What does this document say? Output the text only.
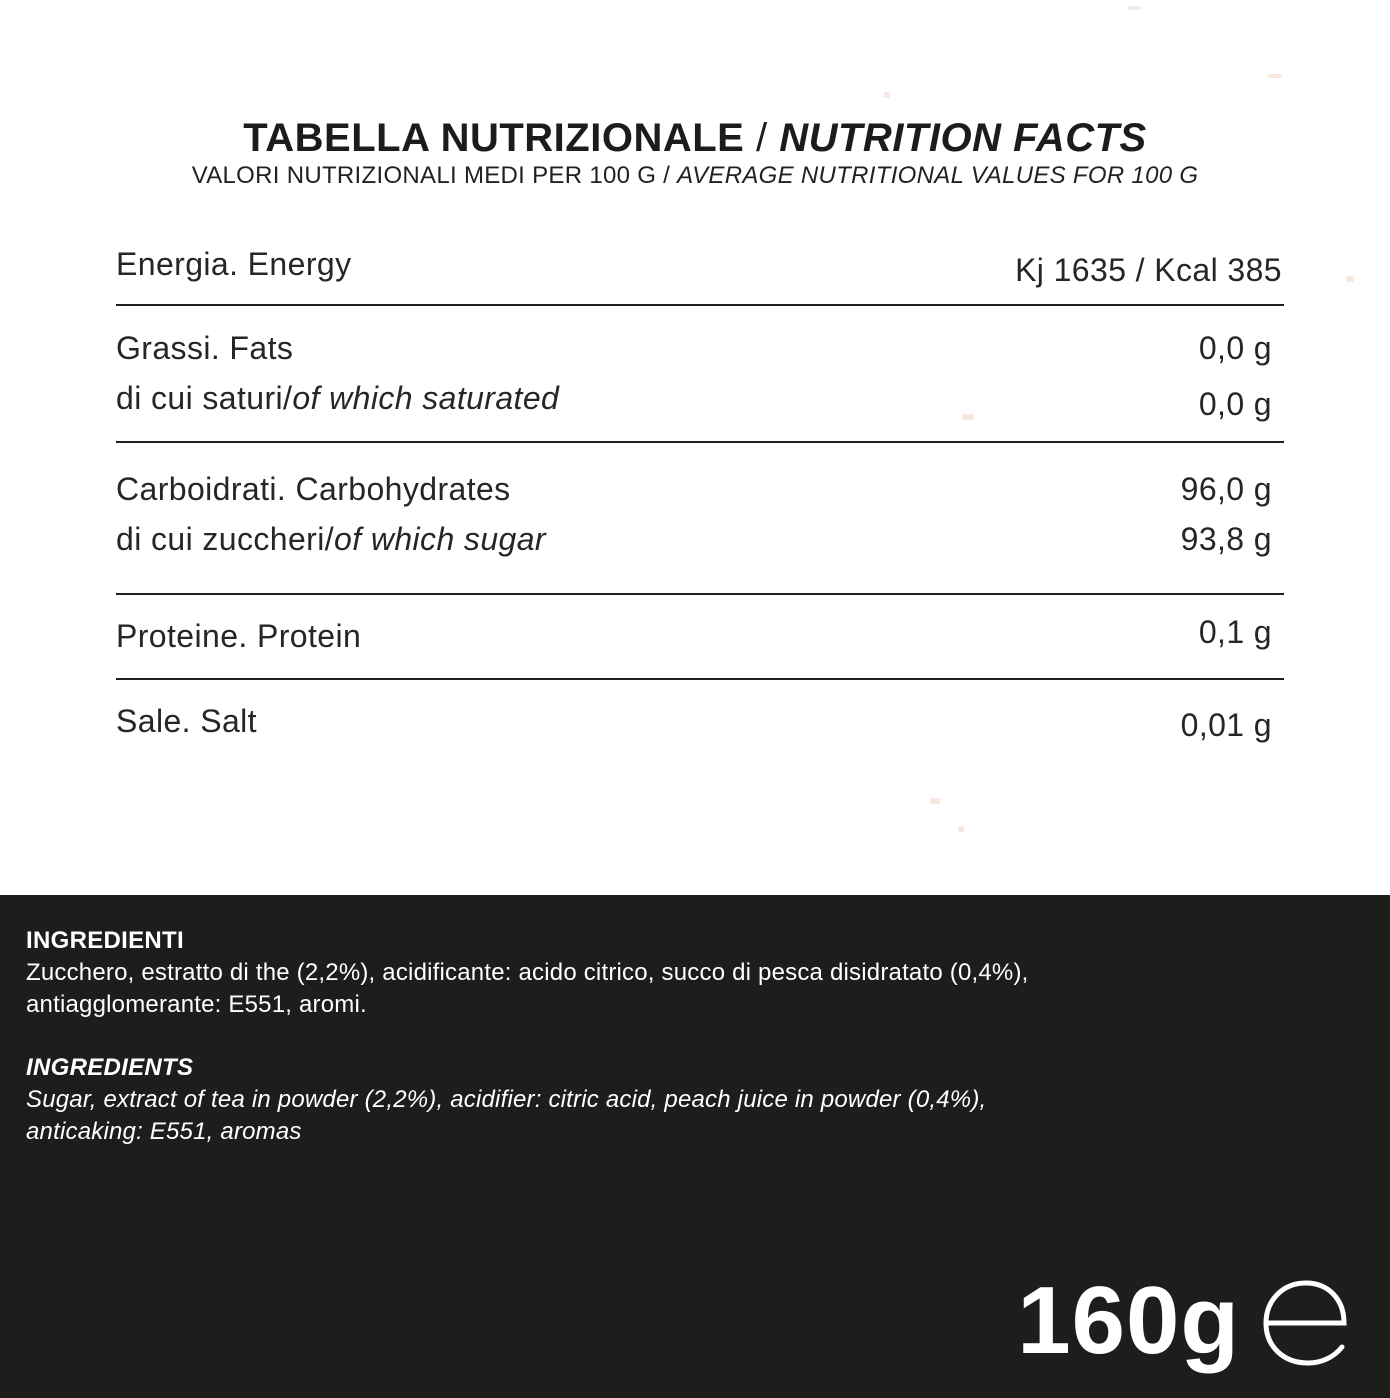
TABELLA NUTRIZIONALE / NUTRITION FACTS
VALORI NUTRIZIONALI MEDI PER 100 G / AVERAGE NUTRITIONAL VALUES FOR 100 G
Energia. Energy	Kj 1635 / Kcal 385
Grassi. Fats	0,0 g
di cui saturi/of which saturated	0,0 g
Carboidrati. Carbohydrates	96,0 g
di cui zuccheri/of which sugar	93,8 g
Proteine. Protein	0,1 g
Sale. Salt	0,01 g
INGREDIENTI
Zucchero, estratto di the (2,2%), acidificante: acido citrico, succo di pesca disidratato (0,4%),
antiagglomerante: E551, aromi.
INGREDIENTS
Sugar, extract of tea in powder (2,2%), acidifier: citric acid, peach juice in powder (0,4%),
anticaking: E551, aromas
160g
